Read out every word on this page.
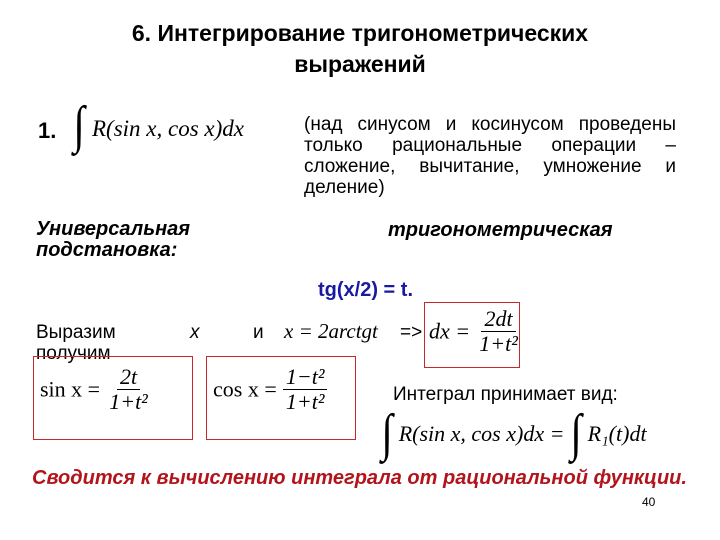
6. Интегрирование тригонометрических
выражений
1. ∫ R(sin x, cos x)dx	(над синусом и косинусом проведены только рациональные операции – сложение, вычитание, умножение и деление)
Универсальная
подстановка:
тригонометрическая
tg(x/2) = t.
Выразим
получим
x	и x = 2arctgt => dx = $\frac{2dt}{\text{1+t²}}$
$\sin x = \frac{2t}{\text{1+t²}}$	$\cos x = \frac{\text{1−t²}}{\text{1+t²}}$	Интеграл принимает вид:
∫ R(sin x, cos x)dx = ∫ R₁(t)dt
Сводится к вычислению интеграла от рациональной функции.
40
